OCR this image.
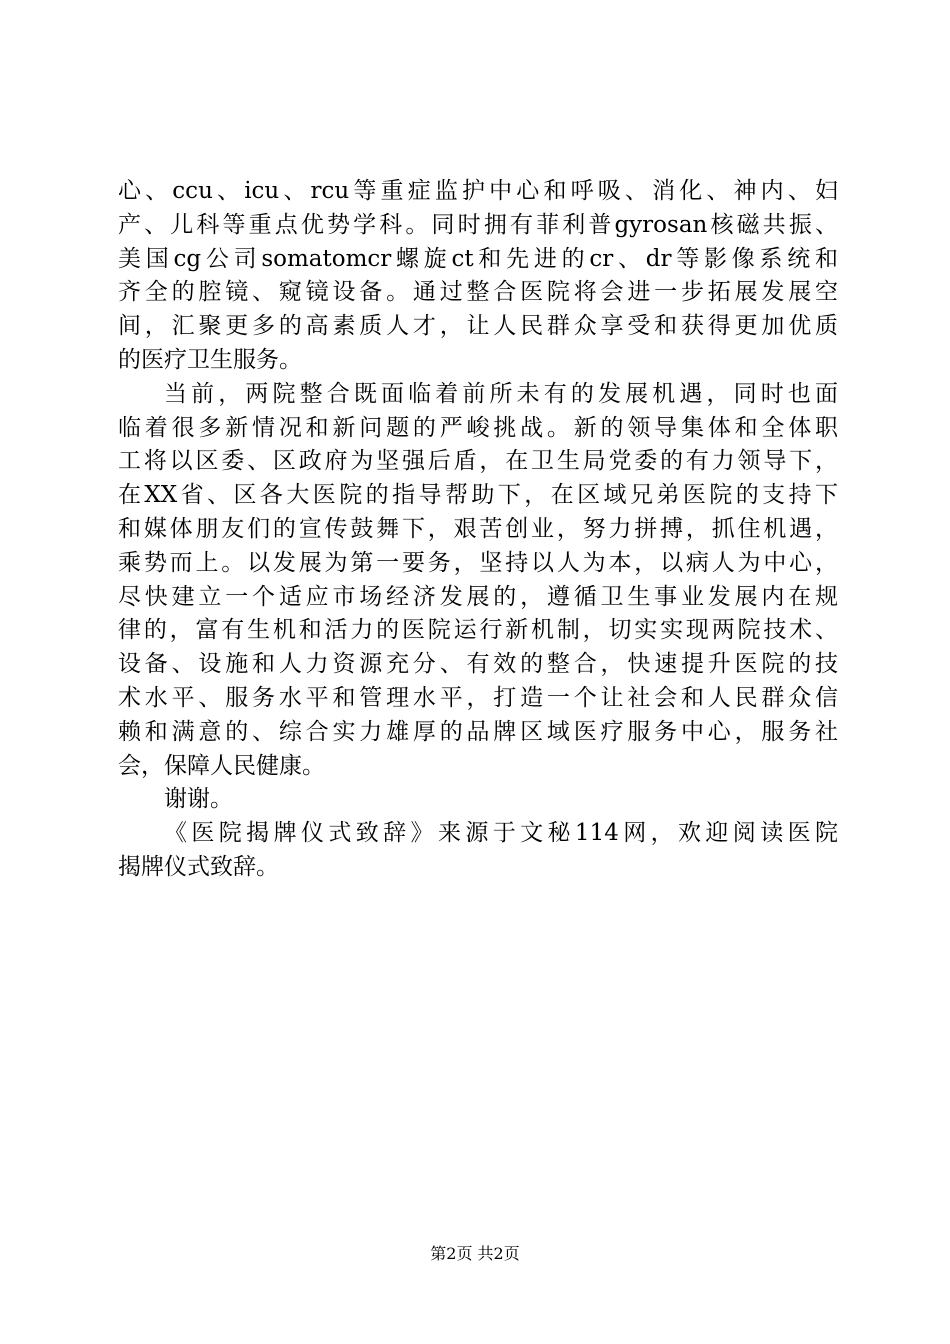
心、ccu、icu、rcu等重症监护中心和呼吸、消化、神内、妇
产、儿科等重点优势学科。同时拥有菲利普gyrosan核磁共振、
美国cg公司somatomcr螺旋ct和先进的cr、dr等影像系统和
齐全的腔镜、窥镜设备。通过整合医院将会进一步拓展发展空
间，汇聚更多的高素质人才，让人民群众享受和获得更加优质
的医疗卫生服务。
当前，两院整合既面临着前所未有的发展机遇，同时也面
临着很多新情况和新问题的严峻挑战。新的领导集体和全体职
工将以区委、区政府为坚强后盾，在卫生局党委的有力领导下，
在XX省、区各大医院的指导帮助下，在区域兄弟医院的支持下
和媒体朋友们的宣传鼓舞下，艰苦创业，努力拼搏，抓住机遇，
乘势而上。以发展为第一要务，坚持以人为本，以病人为中心，
尽快建立一个适应市场经济发展的，遵循卫生事业发展内在规
律的，富有生机和活力的医院运行新机制，切实实现两院技术、
设备、设施和人力资源充分、有效的整合，快速提升医院的技
术水平、服务水平和管理水平，打造一个让社会和人民群众信
赖和满意的、综合实力雄厚的品牌区域医疗服务中心，服务社
会，保障人民健康。
谢谢。
《医院揭牌仪式致辞》来源于文秘114网，欢迎阅读医院
揭牌仪式致辞。
第2页 共2页
